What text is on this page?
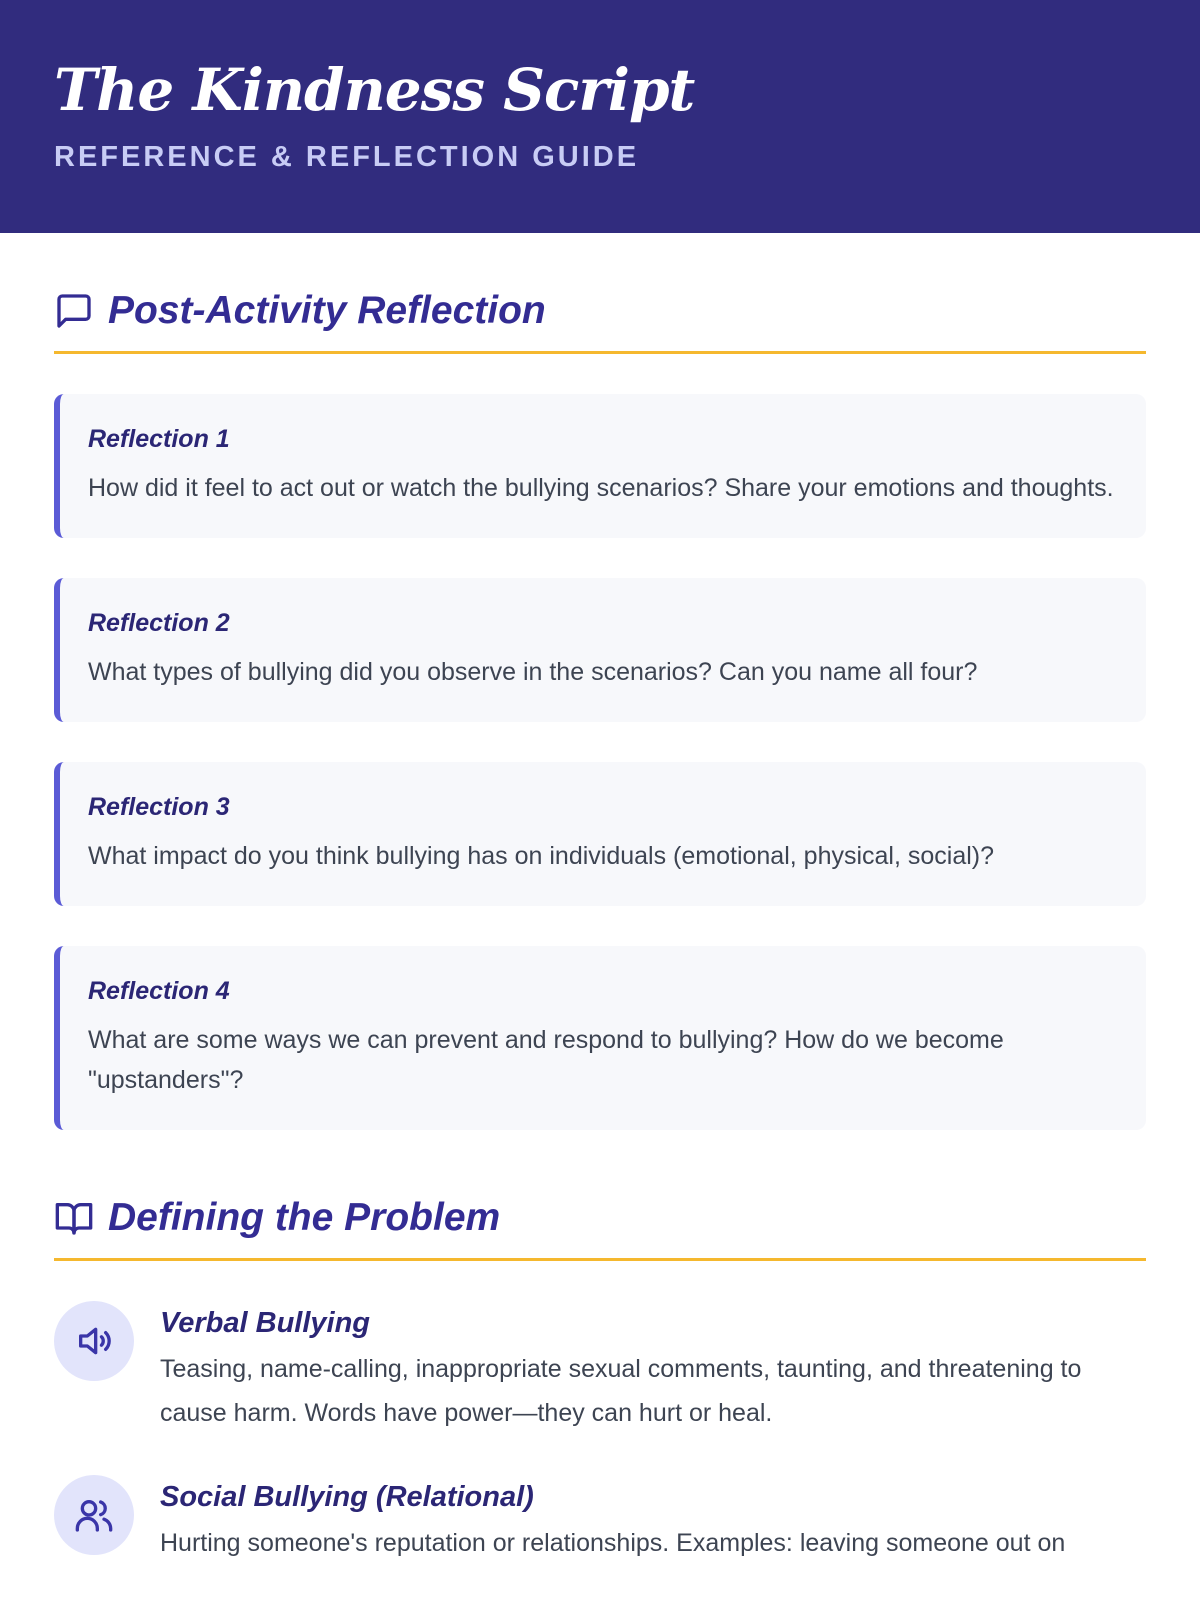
The Kindness Script
REFERENCE & REFLECTION GUIDE
Post-Activity Reflection
Reflection 1
How did it feel to act out or watch the bullying scenarios? Share your emotions and thoughts.
Reflection 2
What types of bullying did you observe in the scenarios? Can you name all four?
Reflection 3
What impact do you think bullying has on individuals (emotional, physical, social)?
Reflection 4
What are some ways we can prevent and respond to bullying? How do we become "upstanders"?
Defining the Problem
Verbal Bullying
Teasing, name-calling, inappropriate sexual comments, taunting, and threatening to cause harm. Words have power—they can hurt or heal.
Social Bullying (Relational)
Hurting someone's reputation or relationships. Examples: leaving someone out on
